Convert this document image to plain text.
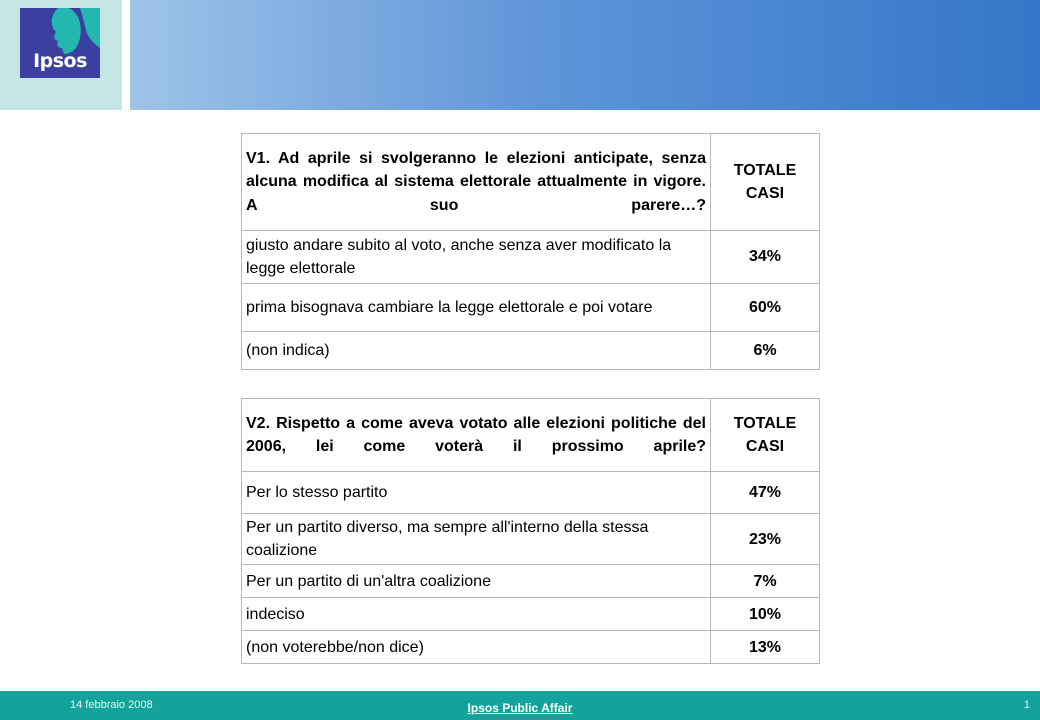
Ipsos
V1. Ad aprile si svolgeranno le elezioni anticipate, senza alcuna modifica al sistema elettorale attualmente in vigore. A suo parere…?	TOTALE CASI
giusto andare subito al voto, anche senza aver modificato la legge elettorale	34%
prima bisognava cambiare la legge elettorale e poi votare	60%
(non indica)	6%
V2. Rispetto a come aveva votato alle elezioni politiche del 2006, lei come voterà il prossimo aprile?	TOTALE CASI
Per lo stesso partito	47%
Per un partito diverso, ma sempre all'interno della stessa coalizione	23%
Per un partito di un'altra coalizione	7%
indeciso	10%
(non voterebbe/non dice)	13%
14 febbraio 2008	Ipsos Public Affair	1
